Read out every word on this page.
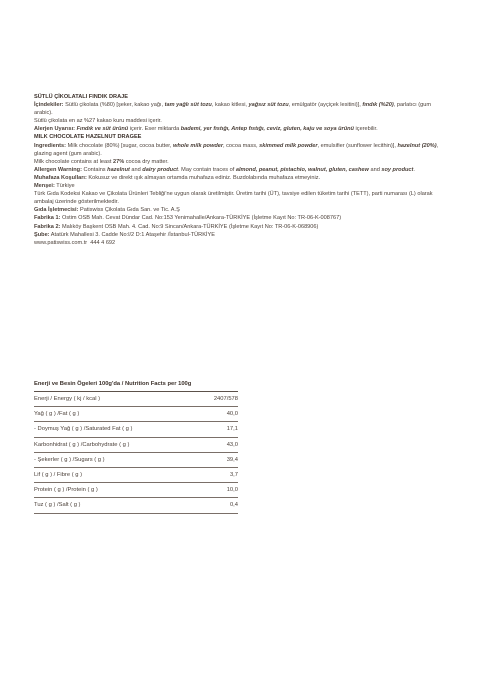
SÜTLÜ ÇİKOLATALI FINDIK DRAJE

İçindekiler: Sütlü çikolata (%80) [şeker, kakao yağı, tam yağlı süt tozu, kakao kitlesi, yağsız süt tozu, emülgatör (ayçiçek lesitini)], fındık (%20), parlatıcı (gum arabic).

Sütlü çikolata en az %27 kakao kuru maddesi içerir.

Alerjen Uyarısı: Fındık ve süt ürünü içerir. Eser miktarda bademi, yer fıstığı, Antep fıstığı, ceviz, gluten, kaju ve soya ürünü içerebilir.

MILK CHOCOLATE HAZELNUT DRAGEE

Ingredients: Milk chocolate (80%) [sugar, cocoa butter, whole milk powder, cocoa mass, skimmed milk powder, emulsifier (sunflower lecithin)], hazelnut (20%), glazing agent (gum arabic).

Milk chocolate contains at least 27% cocoa dry matter.

Allergen Warning: Contains hazelnut and dairy product. May contain traces of almond, peanut, pistachio, walnut, gluten, cashew and soy product.

Muhafaza Koşulları: Kokusuz ve direkt ışık almayan ortamda muhafaza ediniz. Buzdolabında muhafaza etmeyiniz.

Menşei: Türkiye

Türk Gıda Kodeksi Kakao ve Çikolata Ürünleri Tebliği'ne uygun olarak üretilmiştir. Üretim tarihi (ÜT), tavsiye edilen tüketim tarihi (TETT), parti numarası (L) olarak ambalaj üzerinde gösterilmektedir.

Gıda İşletmecisi: Patiswiss Çikolata Gıda San. ve Tic. A.Ş

Fabrika 1: Ostim OSB Mah. Cevat Dündar Cad. No:153 Yenimahalle/Ankara-TÜRKİYE (İşletme Kayıt No: TR-06-K-008767)

Fabrika 2: Malıköy Başkent OSB Mah. 4. Cad. No:9 Sincan/Ankara-TÜRKİYE (İşletme Kayıt No: TR-06-K-068906)

Şube: Atatürk Mahallesi 3. Cadde No:l/2 D:1 Ataşehir /İstanbul-TÜRKİYE

www.patiswiss.com.tr 444 4 692

Enerji ve Besin Ögeleri 100g'da / Nutrition Facts per 100g
Enerji / Energy ( kj / kcal )	2407/578
Yağ ( g ) /Fat ( g )	40,0
- Doymuş Yağ ( g ) /Saturated Fat ( g )	17,1
Karbonhidrat ( g ) /Carbohydrate ( g )	43,0
- Şekerler ( g ) /Sugars ( g )	39,4
Lif ( g ) / Fibre ( g )	3,7
Protein ( g ) /Protein ( g )	10,0
Tuz ( g ) /Salt ( g )	0,4
